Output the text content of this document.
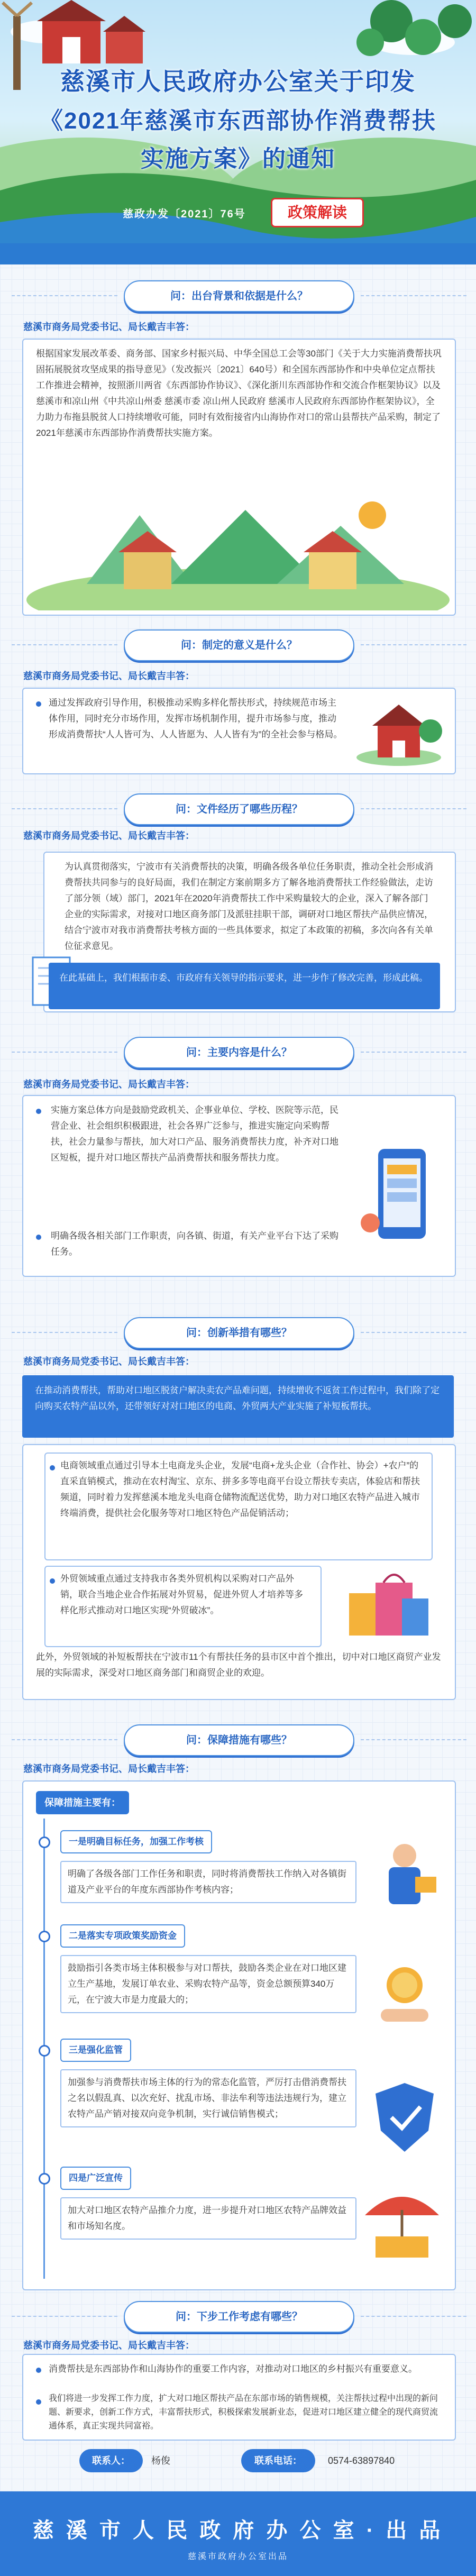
慈溪市人民政府办公室关于印发
《2021年慈溪市东西部协作消费帮扶
实施方案》的通知
慈政办发〔2021〕76号	政策解读
问：出台背景和依据是什么？
慈溪市商务局党委书记、局长戴吉丰答：
根据国家发展改革委、商务部、国家乡村振兴局、中华全国总工会等30部门《关于大力实施消费帮扶巩固拓展脱贫攻坚成果的指导意见》（发改振兴〔2021〕640号）和全国东西部协作和中央单位定点帮扶工作推进会精神，按照浙川两省《东西部协作协议》、《深化浙川东西部协作和交流合作框架协议》以及慈溪市和凉山州《中共凉山州委 慈溪市委 凉山州人民政府 慈溪市人民政府东西部协作框架协议》，全力助力布拖县脱贫人口持续增收可能，同时有效衔接省内山海协作对口的常山县帮扶产品采购，制定了2021年慈溪市东西部协作消费帮扶实施方案。
问：制定的意义是什么？
慈溪市商务局党委书记、局长戴吉丰答：
通过发挥政府引导作用，积极推动采购多样化帮扶形式，持续规范市场主体作用，同时充分市场作用，发挥市场机制作用，提升市场参与度，推动形成消费帮扶“人人皆可为、人人皆愿为、人人皆有为”的全社会参与格局。
问：文件经历了哪些历程？
慈溪市商务局党委书记、局长戴吉丰答：
为认真贯彻落实，宁波市有关消费帮扶的决策，明确各级各单位任务职责，推动全社会形成消费帮扶共同参与的良好局面，我们在制定方案前期多方了解各地消费帮扶工作经验做法，走访了部分领（域）部门，2021年在2020年消费帮扶工作中采购量较大的企业，深入了解各部门企业的实际需求，对接对口地区商务部门及派驻挂职干部，调研对口地区帮扶产品供应情况，结合宁波市对我市消费帮扶考核方面的一些具体要求，拟定了本政策的初稿，多次向各有关单位征求意见。
在此基础上，我们根据市委、市政府有关领导的指示要求，进一步作了修改完善，形成此稿。
问：主要内容是什么？
慈溪市商务局党委书记、局长戴吉丰答：
实施方案总体方向是鼓励党政机关、企事业单位、学校、医院等示范，民营企业、社会组织积极跟进，社会各界广泛参与，推进实施定向采购帮扶，社会力量参与帮扶，加大对口产品、服务消费帮扶力度，补齐对口地区短板，提升对口地区帮扶产品消费帮扶和服务帮扶力度。
明确各级各相关部门工作职责，向各镇、街道，有关产业平台下达了采购任务。
问：创新举措有哪些？
慈溪市商务局党委书记、局长戴吉丰答：
在推动消费帮扶，帮助对口地区脱贫户解决卖农产品难问题，持续增收不返贫工作过程中，我们除了定向购买农特产品以外，还带领好对对口地区的电商、外贸两大产业实施了补短板帮扶。
电商领域重点通过引导本土电商龙头企业，发展“电商+龙头企业（合作社、协会）+农户”的直采直销模式，推动在农村淘宝、京东、拼多多等电商平台设立帮扶专卖店，体验店和帮扶频道，同时着力发挥慈溪本地龙头电商仓储物流配送优势，助力对口地区农特产品进入城市终端消费，提供社会化服务等对口地区特色产品促销活动；
外贸领域重点通过支持我市各类外贸机构以采购对口产品外销，联合当地企业合作拓展对外贸易，促进外贸人才培养等多样化形式推动对口地区实现“外贸破冰”。
此外，外贸领域的补短板帮扶在宁波市11个有帮扶任务的县市区中首个推出，切中对口地区商贸产业发展的实际需求，深受对口地区商务部门和商贸企业的欢迎。
问：保障措施有哪些？
慈溪市商务局党委书记、局长戴吉丰答：
保障措施主要有：
一是明确目标任务，加强工作考核
明确了各级各部门工作任务和职责，同时将消费帮扶工作纳入对各镇街道及产业平台的年度东西部协作考核内容；
二是落实专项政策奖励资金
鼓励指引各类市场主体积极参与对口帮扶，鼓励各类企业在对口地区建立生产基地，发展订单农业、采购农特产品等，资金总额预算340万元，在宁波大市是力度最大的；
三是强化监管
加强参与消费帮扶市场主体的行为的常态化监管，严厉打击借消费帮扶之名以假乱真、以次充好、扰乱市场、非法牟利等违法违规行为，建立农特产品产销对接双向竞争机制，实行诚信销售模式；
四是广泛宣传
加大对口地区农特产品推介力度，进一步提升对口地区农特产品牌效益和市场知名度。
问：下步工作考虑有哪些？
慈溪市商务局党委书记、局长戴吉丰答：
消费帮扶是东西部协作和山海协作的重要工作内容，对推动对口地区的乡村振兴有重要意义。
我们将进一步发挥工作力度，扩大对口地区帮扶产品在东部市场的销售规模，关注帮扶过程中出现的新问题、新要求，创新工作方式，丰富帮扶形式，积极探索发展新业态，促进对口地区建立健全的现代商贸流通体系，真正实现共同富裕。
联系人：	杨俊	联系电话：	0574-63897840
慈 溪 市 人 民 政 府 办 公 室 · 出 品
慈溪市政府办公室出品
